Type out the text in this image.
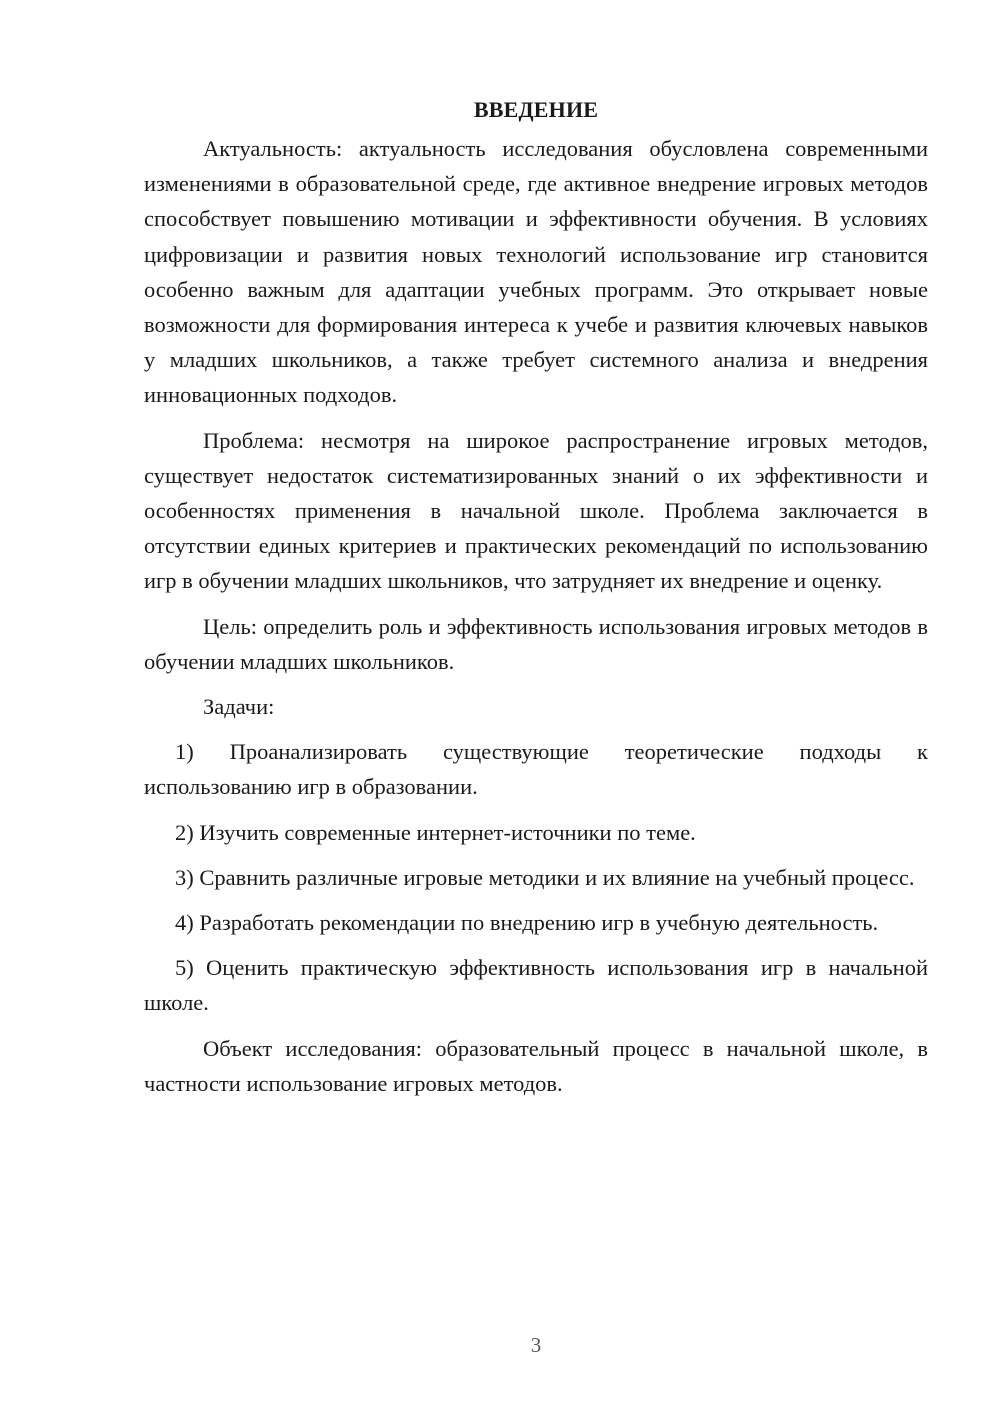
ВВЕДЕНИЕ

Актуальность: актуальность исследования обусловлена современными изменениями в образовательной среде, где активное внедрение игровых методов способствует повышению мотивации и эффективности обучения. В условиях цифровизации и развития новых технологий использование игр становится особенно важным для адаптации учебных программ. Это открывает новые возможности для формирования интереса к учебе и развития ключевых навыков у младших школьников, а также требует системного анализа и внедрения инновационных подходов.

Проблема: несмотря на широкое распространение игровых методов, существует недостаток систематизированных знаний о их эффективности и особенностях применения в начальной школе. Проблема заключается в отсутствии единых критериев и практических рекомендаций по использованию игр в обучении младших школьников, что затрудняет их внедрение и оценку.

Цель: определить роль и эффективность использования игровых методов в обучении младших школьников.

Задачи:

1) Проанализировать существующие теоретические подходы к использованию игр в образовании.

2) Изучить современные интернет-источники по теме.

3) Сравнить различные игровые методики и их влияние на учебный процесс.

4) Разработать рекомендации по внедрению игр в учебную деятельность.

5) Оценить практическую эффективность использования игр в начальной школе.

Объект исследования: образовательный процесс в начальной школе, в частности использование игровых методов.

3
